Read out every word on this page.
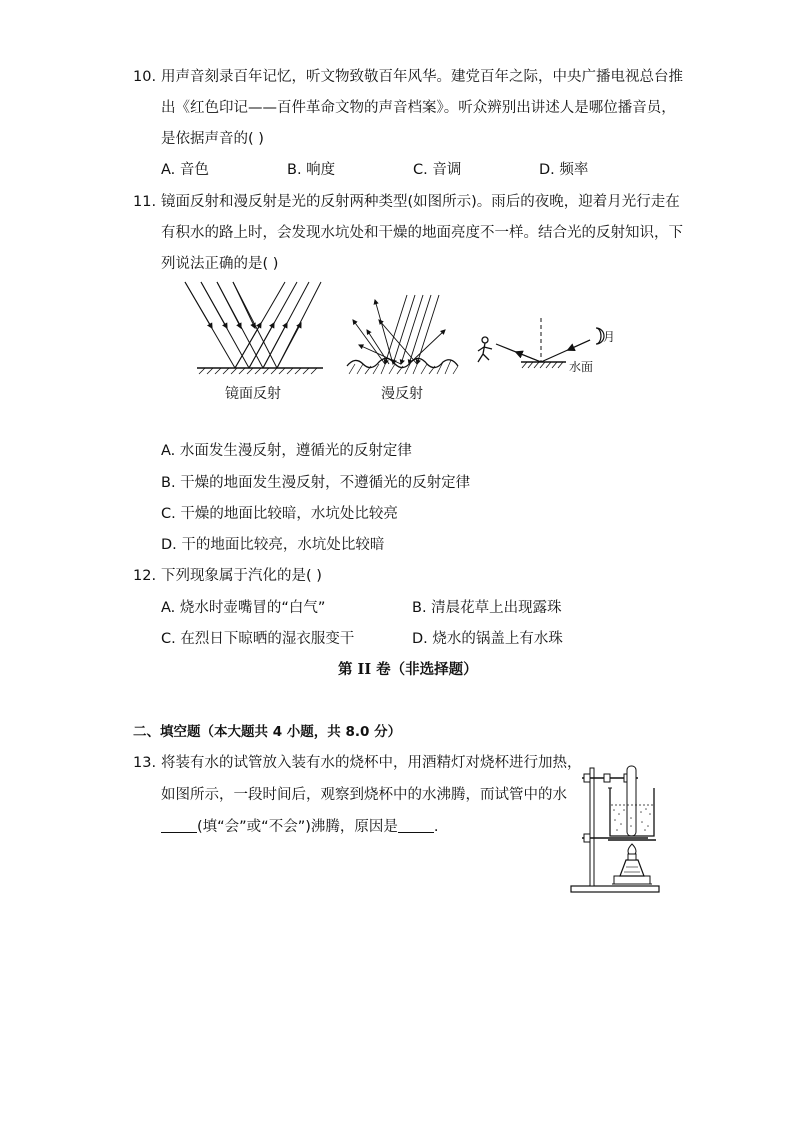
10. 用声音刻录百年记忆，听文物致敬百年风华。建党百年之际，中央广播电视总台推
出《红色印记——百件革命文物的声音档案》。听众辨别出讲述人是哪位播音员，
是依据声音的( )
A. 音色	B. 响度	C. 音调	D. 频率
11. 镜面反射和漫反射是光的反射两种类型(如图所示)。雨后的夜晚，迎着月光行走在
有积水的路上时，会发现水坑处和干燥的地面亮度不一样。结合光的反射知识，下
列说法正确的是( )
镜面反射	漫反射
月
水面
A. 水面发生漫反射，遵循光的反射定律
B. 干燥的地面发生漫反射，不遵循光的反射定律
C. 干燥的地面比较暗，水坑处比较亮
D. 干的地面比较亮，水坑处比较暗
12. 下列现象属于汽化的是( )
A. 烧水时壶嘴冒的“白气”	B. 清晨花草上出现露珠
C. 在烈日下晾晒的湿衣服变干	D. 烧水的锅盖上有水珠
第 II 卷（非选择题）
二、填空题（本大题共 4 小题，共 8.0 分）
13. 将装有水的试管放入装有水的烧杯中，用酒精灯对烧杯进行加热，
如图所示，一段时间后，观察到烧杯中的水沸腾，而试管中的水
(填“会”或“不会”)沸腾，原因是 .
